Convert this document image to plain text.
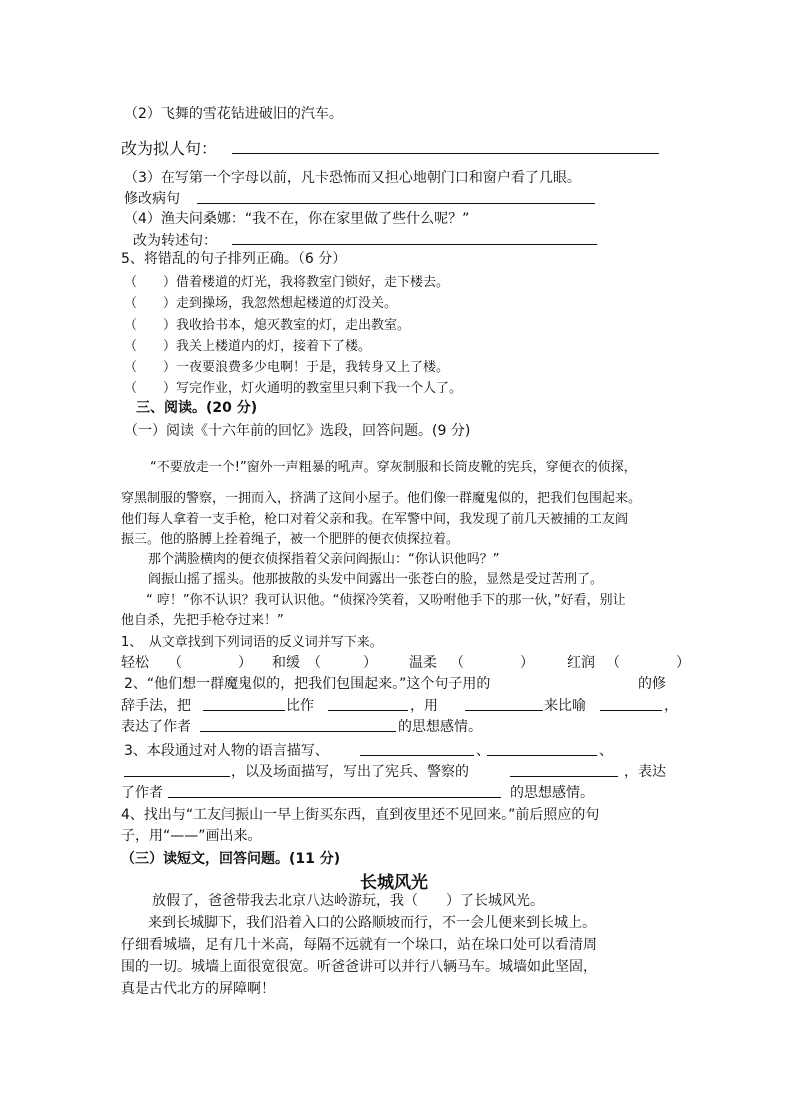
（2）飞舞的雪花钻进破旧的汽车。
改为拟人句：
（3）在写第一个字母以前，凡卡恐怖而又担心地朝门口和窗户看了几眼。
修改病句
（4）渔夫问桑娜：“我不在，你在家里做了些什么呢？”
改为转述句：
5、将错乱的句子排列正确。（6 分）
（　　）借着楼道的灯光，我将教室门锁好，走下楼去。
（　　）走到操场，我忽然想起楼道的灯没关。
（　　）我收拾书本，熄灭教室的灯，走出教室。
（　　）我关上楼道内的灯，接着下了楼。
（　　）一夜要浪费多少电啊！于是，我转身又上了楼。
（　　）写完作业，灯火通明的教室里只剩下我一个人了。
三、阅读。(20 分)
（一）阅读《十六年前的回忆》选段，回答问题。(9 分)
“不要放走一个!”窗外一声粗暴的吼声。穿灰制服和长筒皮靴的宪兵，穿便衣的侦探，
穿黑制服的警察，一拥而入，挤满了这间小屋子。他们像一群魔鬼似的，把我们包围起来。
他们每人拿着一支手枪，枪口对着父亲和我。在军警中间，我发现了前几天被捕的工友阎
振三。他的胳膊上拴着绳子，被一个肥胖的便衣侦探拉着。
那个满脸横肉的便衣侦探指着父亲问阎振山：“你认识他吗？”
阎振山摇了摇头。他那披散的头发中间露出一张苍白的脸，显然是受过苦刑了。
“ 哼！”你不认识？我可认识他。“侦探冷笑着，又吩咐他手下的那一伙，”好看，别让
他自杀，先把手枪夺过来！”
1、　从文章找到下列词语的反义词并写下来。
轻松 （　　　　） 和缓 （　　　） 温柔 （　　　　） 红润 （　　　　）
2、“他们想一群魔鬼似的，把我们包围起来。”这个句子用的	的修
辞手法，把	比作	，用	来比喻	，
表达了作者	的思想感情。
3、本段通过对人物的语言描写、	、	、
，以及场面描写，写出了宪兵、警察的	，表达
了作者	的思想感情。
4、找出与“工友闫振山一早上街买东西，直到夜里还不见回来。”前后照应的句
子，用“——”画出来。
（三）读短文，回答问题。(11 分)
长城风光
放假了，爸爸带我去北京八达岭游玩，我（　　）了长城风光。
来到长城脚下，我们沿着入口的公路顺坡而行，不一会儿便来到长城上。
仔细看城墙，足有几十米高，每隔不远就有一个垛口，站在垛口处可以看清周
围的一切。城墙上面很宽很宽。听爸爸讲可以并行八辆马车。城墙如此坚固，
真是古代北方的屏障啊！
